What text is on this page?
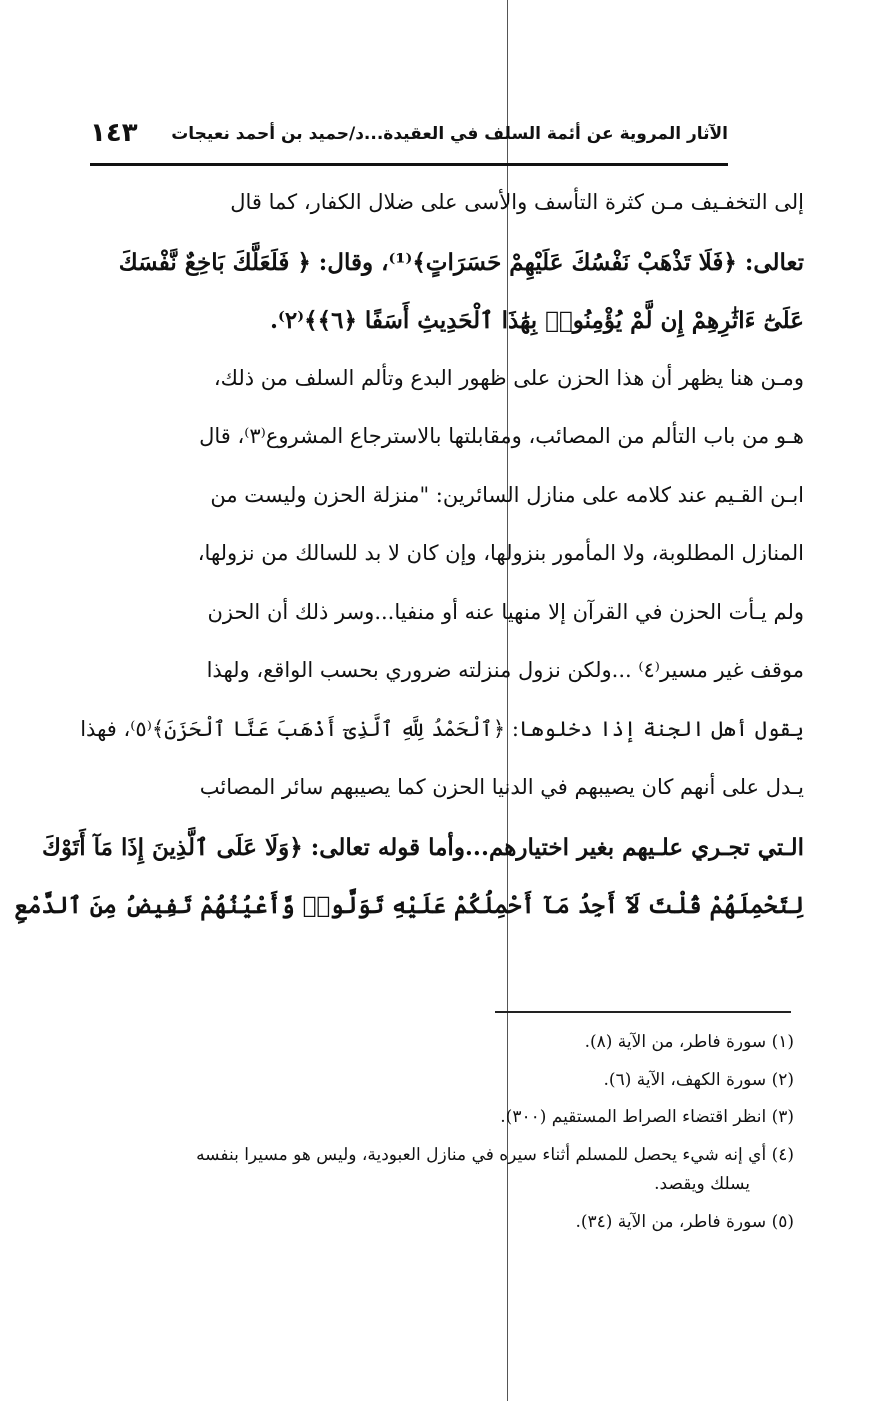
الآثار المروية عن أئمة السلف في العقيدة...د/حميد بن أحمد نعيجات
١٤٣
إلى التخفـيف مـن كثرة التأسف والأسى على ضلال الكفار، كما قال
تعالى: ﴿فَلَا تَذْهَبْ نَفْسُكَ عَلَيْهِمْ حَسَرَاتٍ﴾⁽¹⁾، وقال: ﴿ فَلَعَلَّكَ بَاخِعٌ نَّفْسَكَ
عَلَىٰٓ ءَاثَٰرِهِمْ إِن لَّمْ يُؤْمِنُوا۟ بِهَٰذَا ٱلْحَدِيثِ أَسَفًا ﴿٦﴾﴾⁽٢⁾.
ومـن هنا يظهر أن هذا الحزن على ظهور البدع وتألم السلف من ذلك،
هـو من باب التألم من المصائب، ومقابلتها بالاسترجاع المشروع⁽٣⁾، قال
ابـن القـيم عند كلامه على منازل السائرين: "منزلة الحزن وليست من
المنازل المطلوبة، ولا المأمور بنزولها، وإن كان لا بد للسالك من نزولها،
ولم يـأت الحزن في القرآن إلا منهيا عنه أو منفيا...وسر ذلك أن الحزن
موقف غير مسير⁽٤⁾ ...ولكن نزول منزلته ضروري بحسب الواقع، ولهذا
يقول أهل الجنة إذا دخلوها: ﴿ٱلْحَمْدُ لِلَّهِ ٱلَّذِىٓ أَذْهَبَ عَنَّا ٱلْحَزَنَ﴾⁽٥⁾، فهذا
يـدل على أنهم كان يصيبهم في الدنيا الحزن كما يصيبهم سائر المصائب
الـتي تجـري علـيهم بغير اختيارهم...وأما قوله تعالى: ﴿وَلَا عَلَى ٱلَّذِينَ إِذَا مَآ أَتَوْكَ
لِتَحْمِلَهُمْ قُلْتَ لَآ أَجِدُ مَآ أَحْمِلُكُمْ عَلَيْهِ تَوَلَّوا۟ وَّأَعْيُنُهُمْ تَفِيضُ مِنَ ٱلدَّمْعِ
(١) سورة فاطر، من الآية (٨).
(٢) سورة الكهف، الآية (٦).
(٣) انظر اقتضاء الصراط المستقيم (٣٠٠).
(٤) أي إنه شيء يحصل للمسلم أثناء سيره في منازل العبودية، وليس هو مسيرا بنفسه
يسلك ويقصد.
(٥) سورة فاطر، من الآية (٣٤).
